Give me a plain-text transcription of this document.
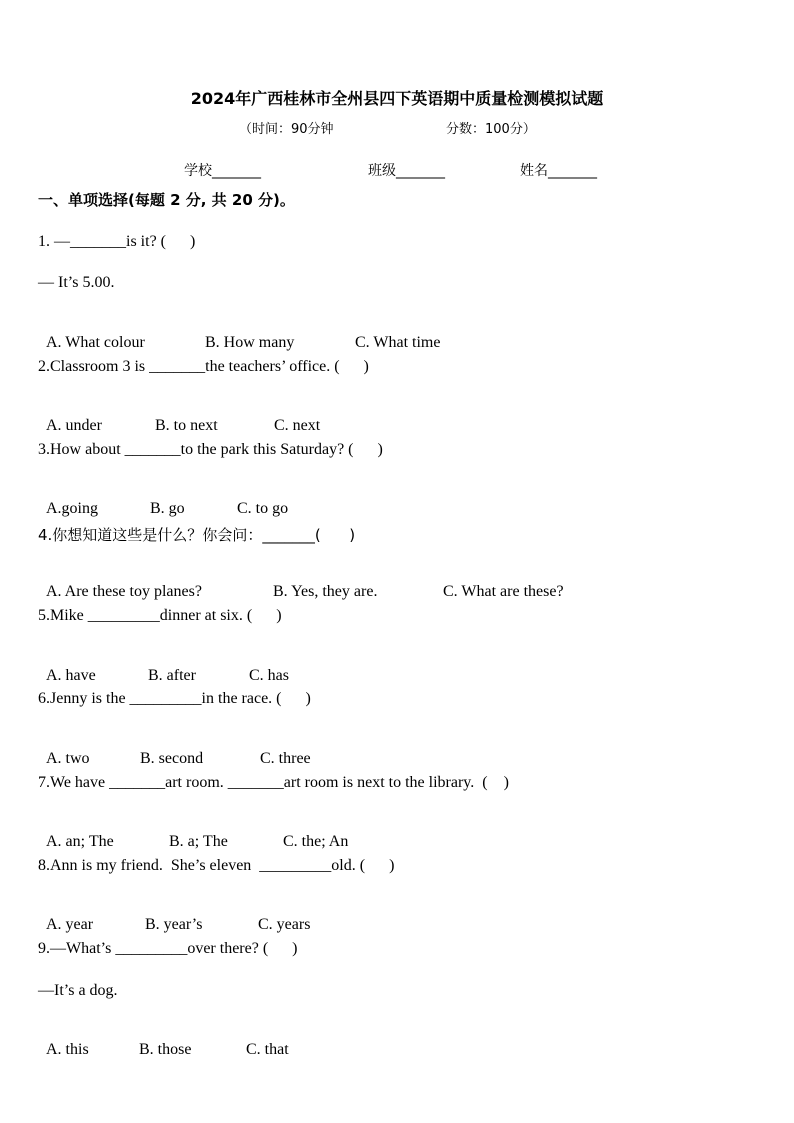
2024年广西桂林市全州县四下英语期中质量检测模拟试题
（时间：90分钟	分数：100分）
学校_______	班级_______	姓名_______
一、单项选择(每题 2 分, 共 20 分)。
1. —_______is it? (      )
— It’s 5.00.

A. What colour	B. How many	C. What time

2.Classroom 3 is _______the teachers’ office. (      )

A. under	B. to next	C. next

3.How about _______to the park this Saturday? (      )

A.going	B. go	C. to go

4.你想知道这些是什么？你会问：_______(      )

A. Are these toy planes?	B. Yes, they are.	C. What are these?

5.Mike _________dinner at six. (      )

A. have	B. after	C. has

6.Jenny is the _________in the race. (      )

A. two	B. second	C. three

7.We have _______art room. _______art room is next to the library.  (    )

A. an; The	B. a; The	C. the; An

8.Ann is my friend.  She’s eleven  _________old. (      )

A. year	B. year’s	C. years

9.—What’s _________over there? (      )
—It’s a dog.

A. this	B. those	C. that
